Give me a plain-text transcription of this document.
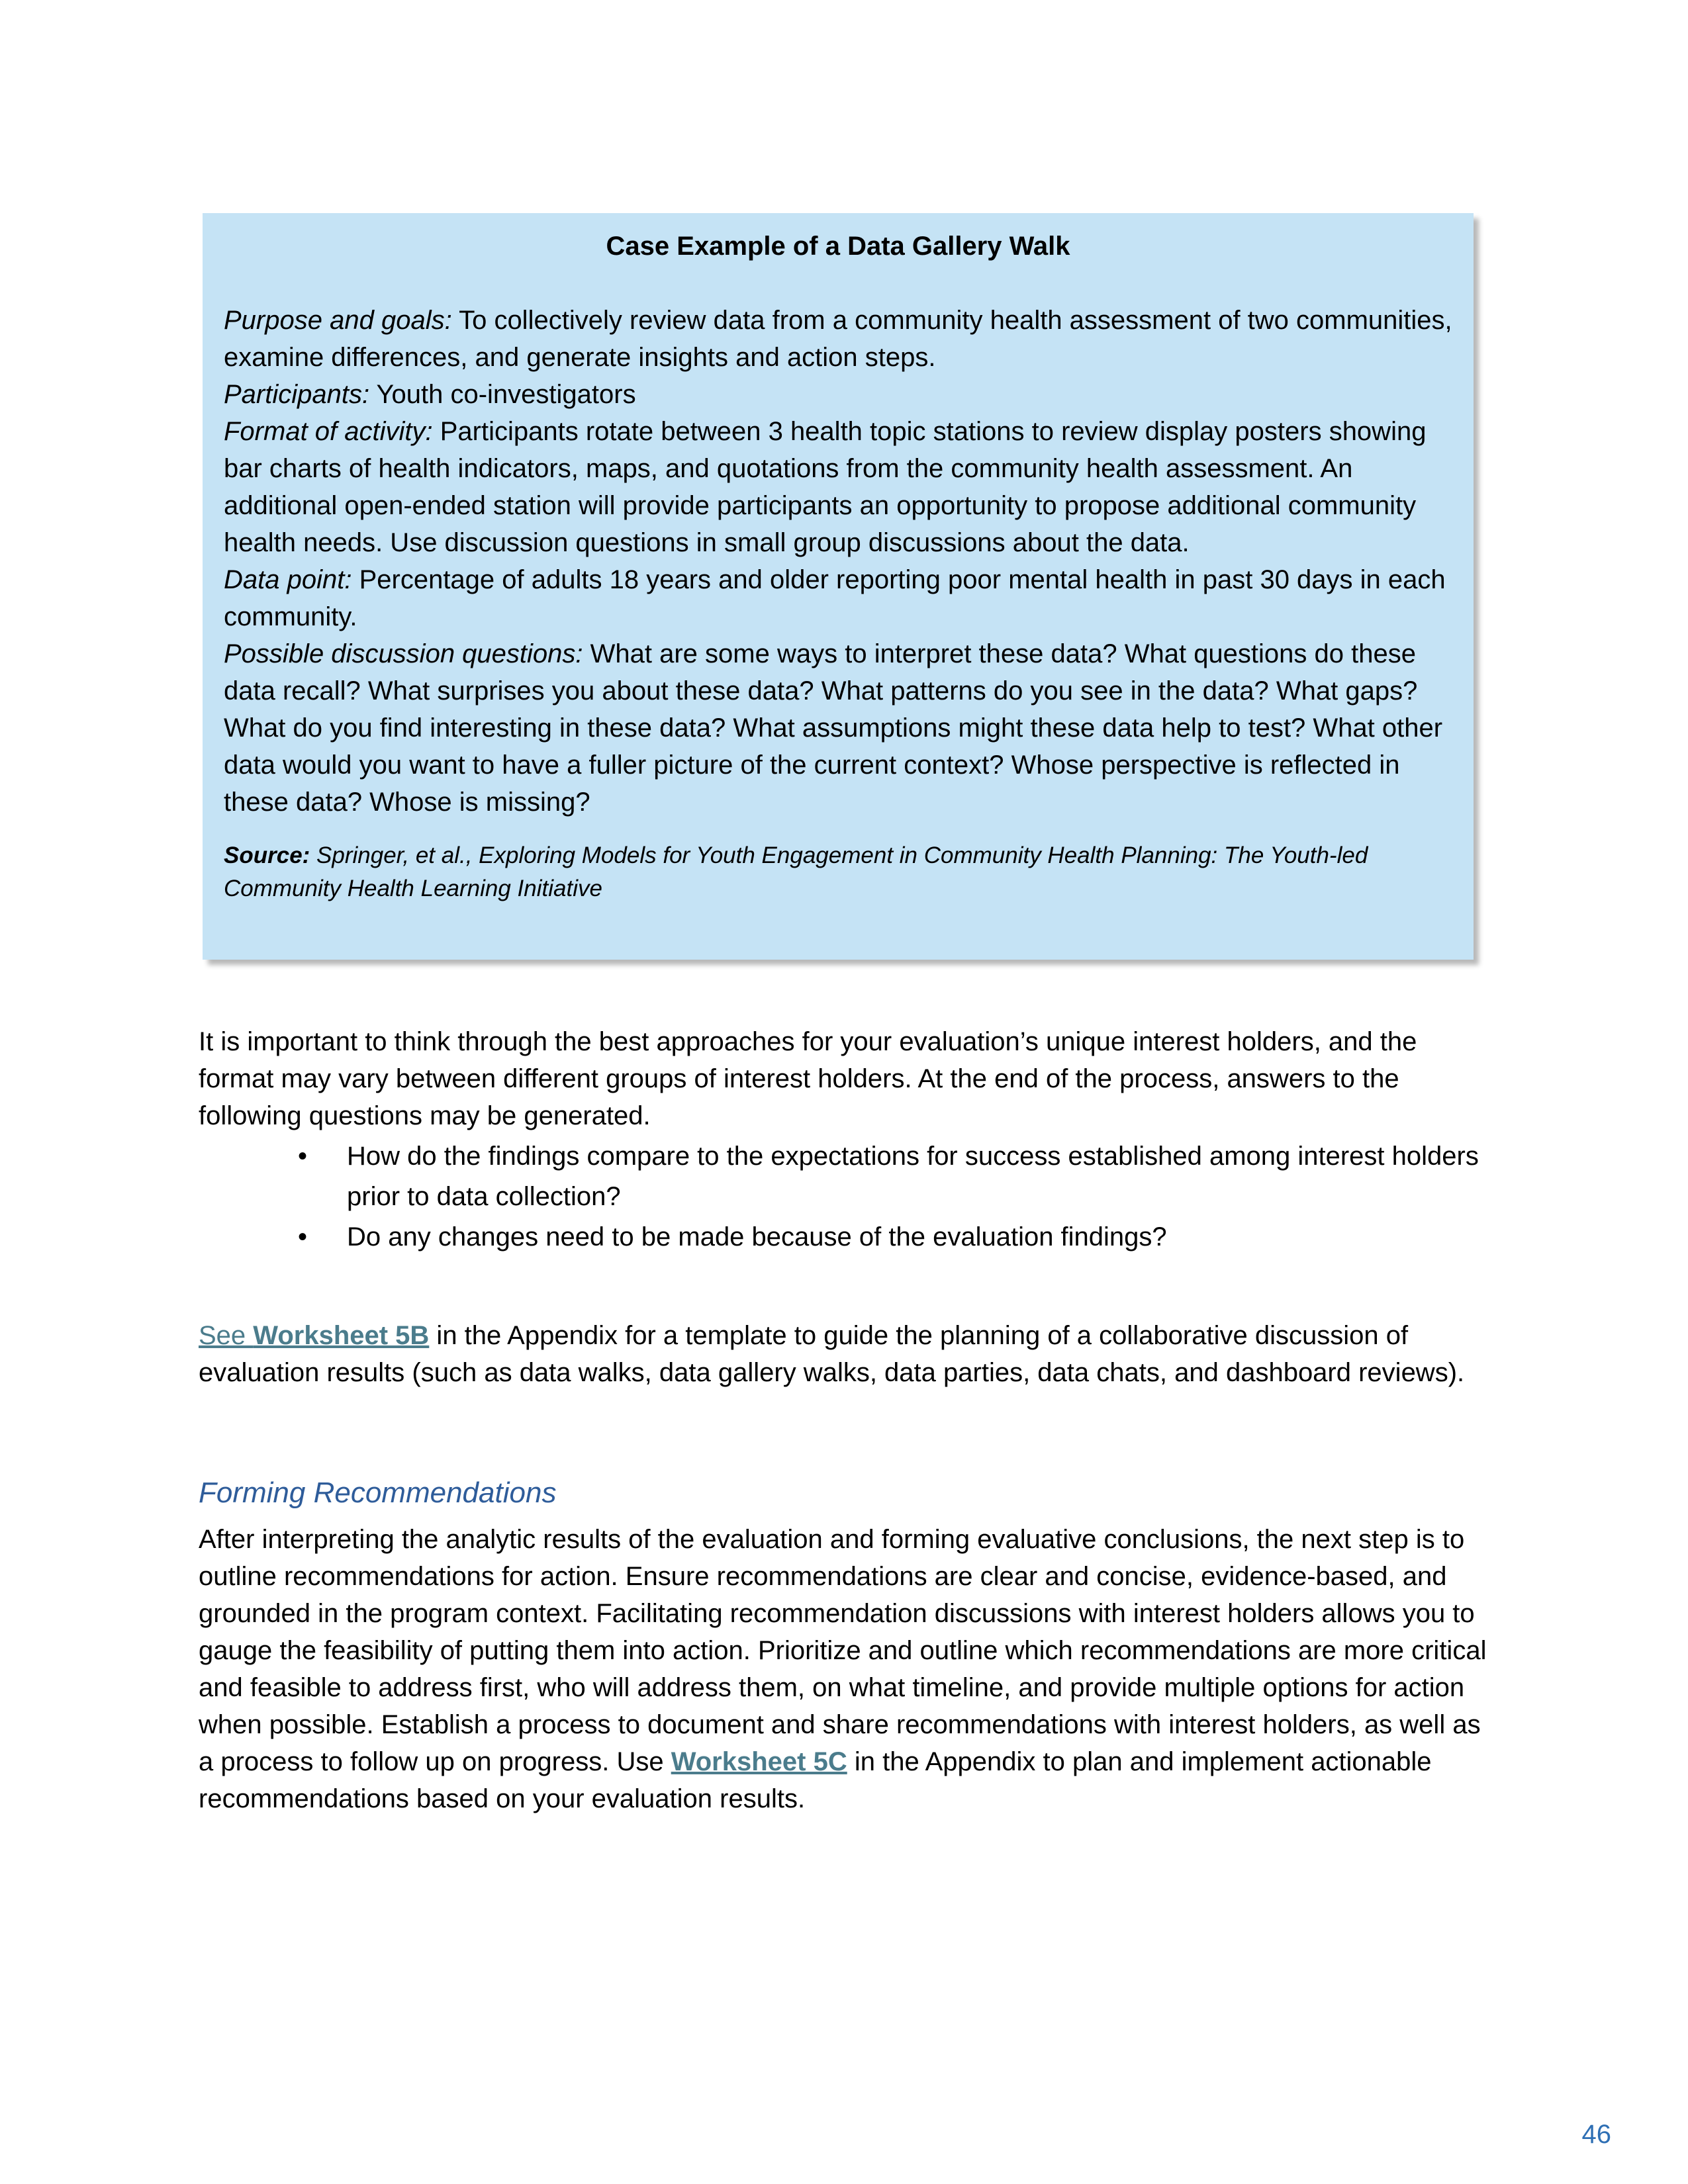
Case Example of a Data Gallery Walk

Purpose and goals: To collectively review data from a community health assessment of two communities, examine differences, and generate insights and action steps.

Participants: Youth co-investigators

Format of activity: Participants rotate between 3 health topic stations to review display posters showing bar charts of health indicators, maps, and quotations from the community health assessment. An additional open-ended station will provide participants an opportunity to propose additional community health needs. Use discussion questions in small group discussions about the data.

Data point: Percentage of adults 18 years and older reporting poor mental health in past 30 days in each community.

Possible discussion questions: What are some ways to interpret these data? What questions do these data recall? What surprises you about these data? What patterns do you see in the data? What gaps? What do you find interesting in these data? What assumptions might these data help to test? What other data would you want to have a fuller picture of the current context? Whose perspective is reflected in these data? Whose is missing?

Source: Springer, et al., Exploring Models for Youth Engagement in Community Health Planning: The Youth-led Community Health Learning Initiative

It is important to think through the best approaches for your evaluation’s unique interest holders, and the format may vary between different groups of interest holders. At the end of the process, answers to the following questions may be generated.

• How do the findings compare to the expectations for success established among interest holders prior to data collection?
• Do any changes need to be made because of the evaluation findings?

See Worksheet 5B in the Appendix for a template to guide the planning of a collaborative discussion of evaluation results (such as data walks, data gallery walks, data parties, data chats, and dashboard reviews).

Forming Recommendations

After interpreting the analytic results of the evaluation and forming evaluative conclusions, the next step is to outline recommendations for action. Ensure recommendations are clear and concise, evidence-based, and grounded in the program context. Facilitating recommendation discussions with interest holders allows you to gauge the feasibility of putting them into action. Prioritize and outline which recommendations are more critical and feasible to address first, who will address them, on what timeline, and provide multiple options for action when possible. Establish a process to document and share recommendations with interest holders, as well as a process to follow up on progress. Use Worksheet 5C in the Appendix to plan and implement actionable recommendations based on your evaluation results.

46
